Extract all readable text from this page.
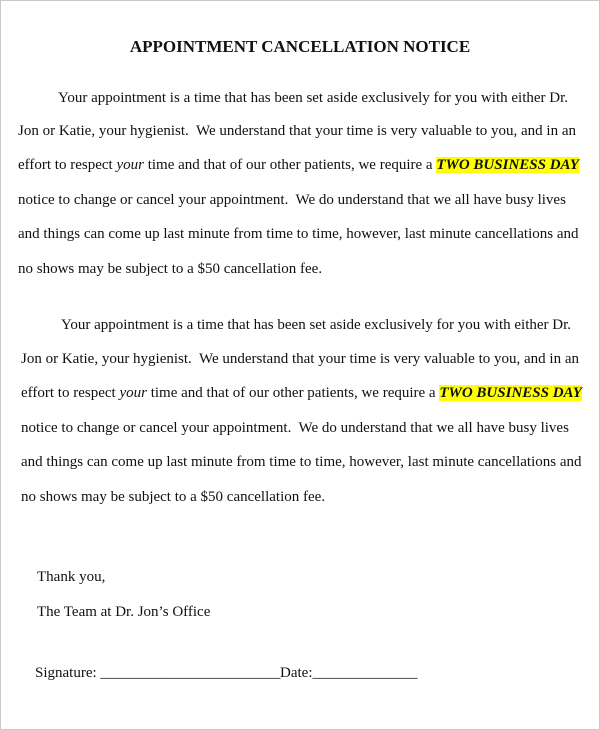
APPOINTMENT CANCELLATION NOTICE
Your appointment is a time that has been set aside exclusively for you with either Dr.
Jon or Katie, your hygienist.  We understand that your time is very valuable to you, and in an
effort to respect your time and that of our other patients, we require a TWO BUSINESS DAY
notice to change or cancel your appointment.  We do understand that we all have busy lives
and things can come up last minute from time to time, however, last minute cancellations and
no shows may be subject to a $50 cancellation fee.
Your appointment is a time that has been set aside exclusively for you with either Dr.
Jon or Katie, your hygienist.  We understand that your time is very valuable to you, and in an
effort to respect your time and that of our other patients, we require a TWO BUSINESS DAY
notice to change or cancel your appointment.  We do understand that we all have busy lives
and things can come up last minute from time to time, however, last minute cancellations and
no shows may be subject to a $50 cancellation fee.
Thank you,
The Team at Dr. Jon’s Office
Signature: ________________________ Date:______________
